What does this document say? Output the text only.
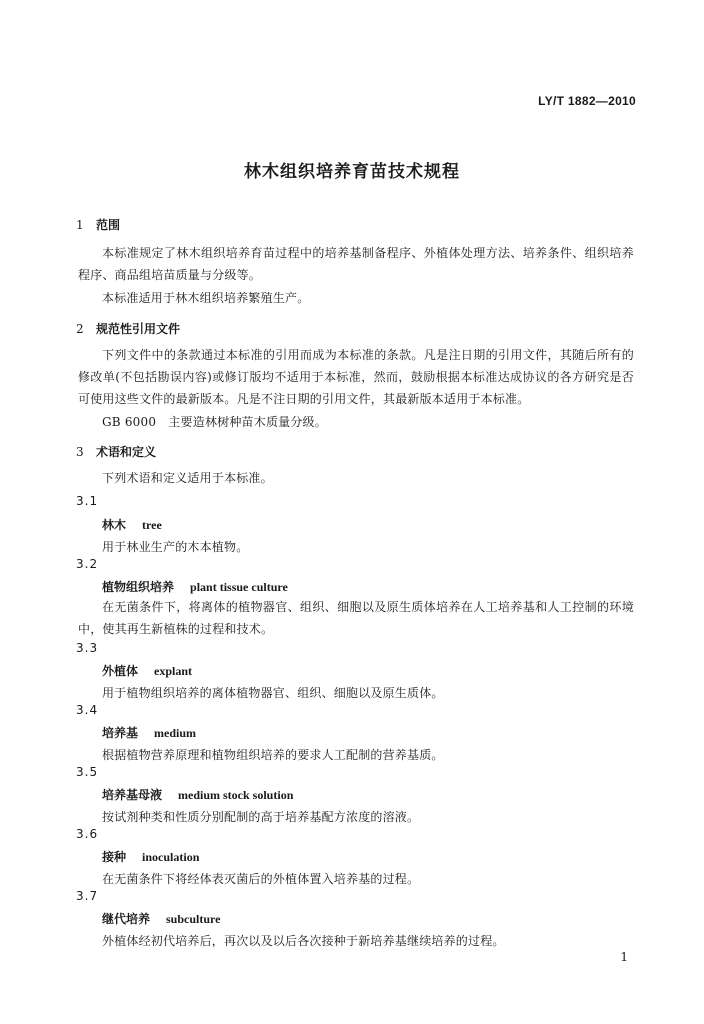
LY/T 1882—2010
林木组织培养育苗技术规程
1 范围
本标准规定了林木组织培养育苗过程中的培养基制备程序、外植体处理方法、培养条件、组织培养程序、商品组培苗质量与分级等。
本标准适用于林木组织培养繁殖生产。
2 规范性引用文件
下列文件中的条款通过本标准的引用而成为本标准的条款。凡是注日期的引用文件，其随后所有的修改单(不包括勘误内容)或修订版均不适用于本标准，然而，鼓励根据本标准达成协议的各方研究是否可使用这些文件的最新版本。凡是不注日期的引用文件，其最新版本适用于本标准。
GB 6000　主要造林树种苗木质量分级。
3 术语和定义
下列术语和定义适用于本标准。
3.1
林木 tree
用于林业生产的木本植物。
3.2
植物组织培养 plant tissue culture
在无菌条件下，将离体的植物器官、组织、细胞以及原生质体培养在人工培养基和人工控制的环境中，使其再生新植株的过程和技术。
3.3
外植体 explant
用于植物组织培养的离体植物器官、组织、细胞以及原生质体。
3.4
培养基 medium
根据植物营养原理和植物组织培养的要求人工配制的营养基质。
3.5
培养基母液 medium stock solution
按试剂种类和性质分别配制的高于培养基配方浓度的溶液。
3.6
接种 inoculation
在无菌条件下将经体表灭菌后的外植体置入培养基的过程。
3.7
继代培养 subculture
外植体经初代培养后，再次以及以后各次接种于新培养基继续培养的过程。
1
